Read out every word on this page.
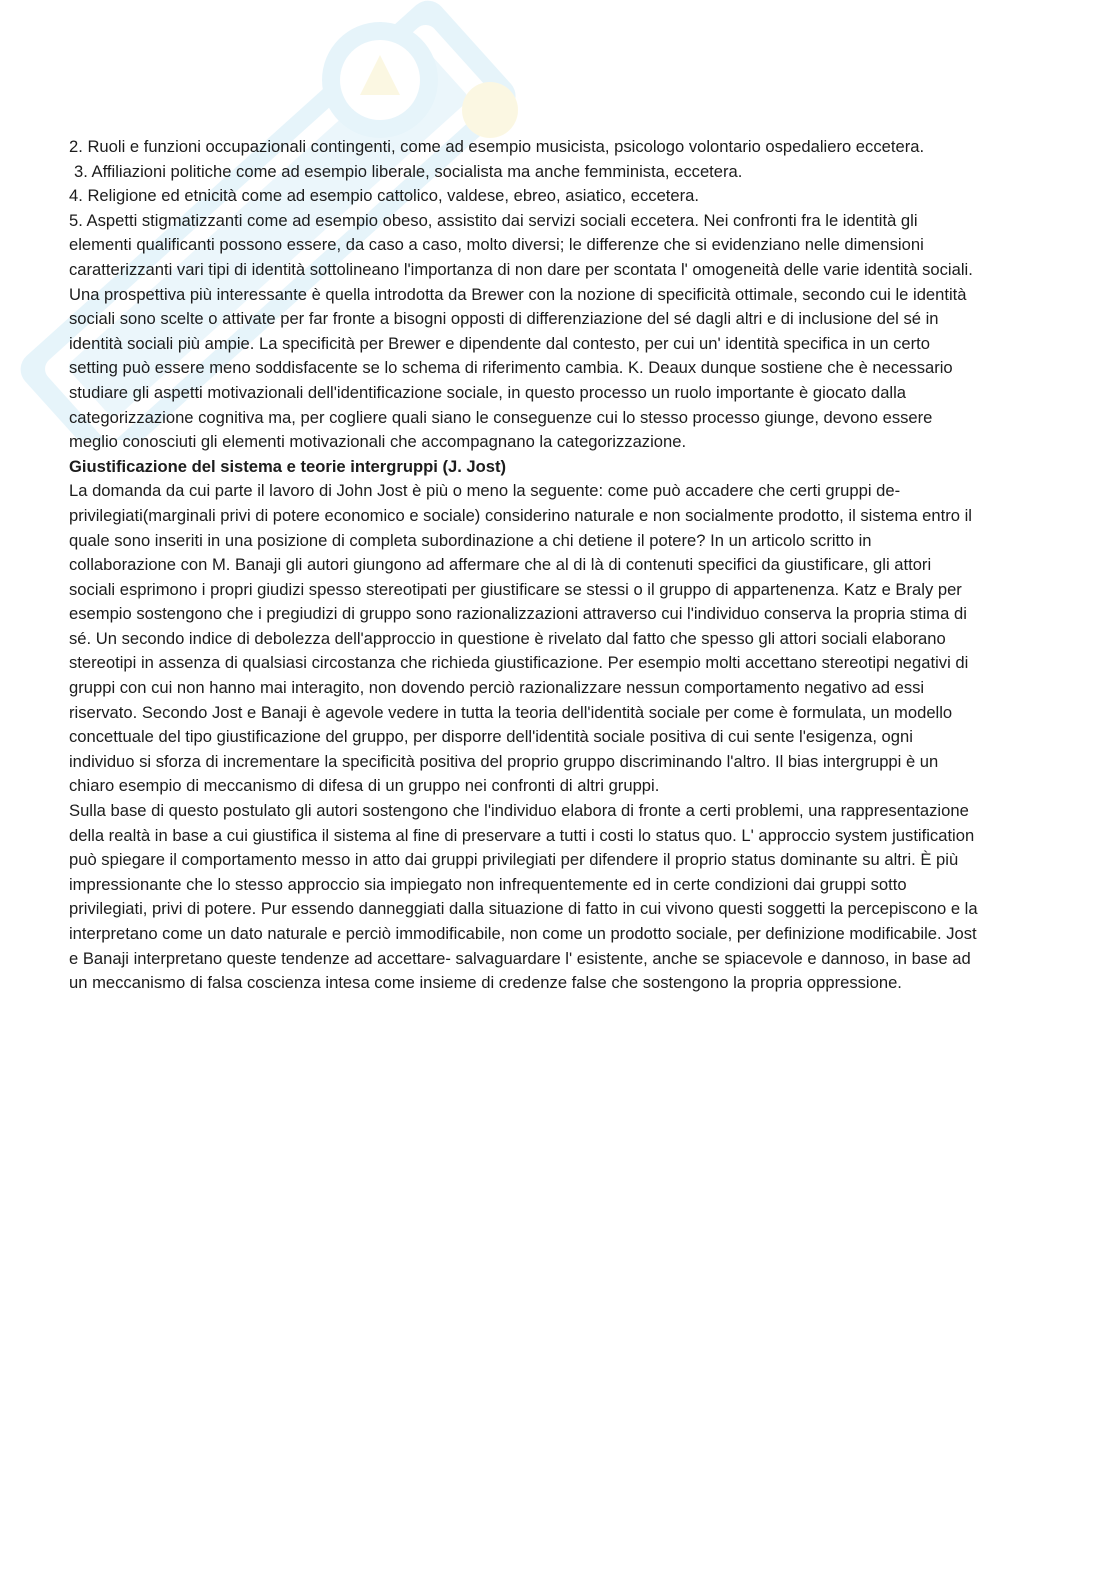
2. Ruoli e funzioni occupazionali contingenti, come ad esempio musicista, psicologo volontario ospedaliero eccetera.

3. Affiliazioni politiche come ad esempio liberale, socialista ma anche femminista, eccetera.

4. Religione ed etnicità come ad esempio cattolico, valdese, ebreo, asiatico, eccetera.

5. Aspetti stigmatizzanti come ad esempio obeso, assistito dai servizi sociali eccetera. Nei confronti fra le identità gli elementi qualificanti possono essere, da caso a caso, molto diversi; le differenze che si evidenziano nelle dimensioni caratterizzanti vari tipi di identità sottolineano l'importanza di non dare per scontata l' omogeneità delle varie identità sociali. Una prospettiva più interessante è quella introdotta da Brewer con la nozione di specificità ottimale, secondo cui le identità sociali sono scelte o attivate per far fronte a bisogni opposti di differenziazione del sé dagli altri e di inclusione del sé in identità sociali più ampie. La specificità per Brewer e dipendente dal contesto, per cui un' identità specifica in un certo setting può essere meno soddisfacente se lo schema di riferimento cambia. K. Deaux dunque sostiene che è necessario studiare gli aspetti motivazionali dell'identificazione sociale, in questo processo un ruolo importante è giocato dalla categorizzazione cognitiva ma, per cogliere quali siano le conseguenze cui lo stesso processo giunge, devono essere meglio conosciuti gli elementi motivazionali che accompagnano la categorizzazione.

Giustificazione del sistema e teorie intergruppi (J. Jost)

La domanda da cui parte il lavoro di John Jost è più o meno la seguente: come può accadere che certi gruppi de-privilegiati(marginali privi di potere economico e sociale) considerino naturale e non socialmente prodotto, il sistema entro il quale sono inseriti in una posizione di completa subordinazione a chi detiene il potere? In un articolo scritto in collaborazione con M. Banaji gli autori giungono ad affermare che al di là di contenuti specifici da giustificare, gli attori sociali esprimono i propri giudizi spesso stereotipati per giustificare se stessi o il gruppo di appartenenza. Katz e Braly per esempio sostengono che i pregiudizi di gruppo sono razionalizzazioni attraverso cui l'individuo conserva la propria stima di sé. Un secondo indice di debolezza dell'approccio in questione è rivelato dal fatto che spesso gli attori sociali elaborano stereotipi in assenza di qualsiasi circostanza che richieda giustificazione. Per esempio molti accettano stereotipi negativi di gruppi con cui non hanno mai interagito, non dovendo perciò razionalizzare nessun comportamento negativo ad essi riservato. Secondo Jost e Banaji è agevole vedere in tutta la teoria dell'identità sociale per come è formulata, un modello concettuale del tipo giustificazione del gruppo, per disporre dell'identità sociale positiva di cui sente l'esigenza, ogni individuo si sforza di incrementare la specificità positiva del proprio gruppo discriminando l'altro. Il bias intergruppi è un chiaro esempio di meccanismo di difesa di un gruppo nei confronti di altri gruppi.

Sulla base di questo postulato gli autori sostengono che l'individuo elabora di fronte a certi problemi, una rappresentazione della realtà in base a cui giustifica il sistema al fine di preservare a tutti i costi lo status quo. L' approccio system justification può spiegare il comportamento messo in atto dai gruppi privilegiati per difendere il proprio status dominante su altri. È più impressionante che lo stesso approccio sia impiegato non infrequentemente ed in certe condizioni dai gruppi sotto privilegiati, privi di potere. Pur essendo danneggiati dalla situazione di fatto in cui vivono questi soggetti la percepiscono e la interpretano come un dato naturale e perciò immodificabile, non come un prodotto sociale, per definizione modificabile. Jost e Banaji interpretano queste tendenze ad accettare- salvaguardare l' esistente, anche se spiacevole e dannoso, in base ad un meccanismo di falsa coscienza intesa come insieme di credenze false che sostengono la propria oppressione.
